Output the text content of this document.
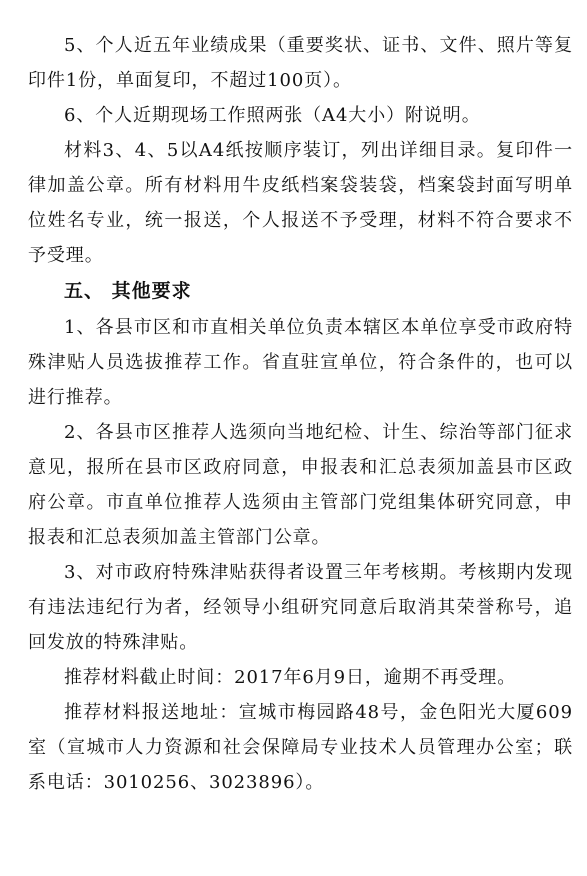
5、个人近五年业绩成果（重要奖状、证书、文件、照片等复印件1份，单面复印，不超过100页）。

6、个人近期现场工作照两张（A4大小）附说明。

材料3、4、5以A4纸按顺序装订，列出详细目录。复印件一律加盖公章。所有材料用牛皮纸档案袋装袋，档案袋封面写明单位姓名专业，统一报送，个人报送不予受理，材料不符合要求不予受理。

五、 其他要求

1、各县市区和市直相关单位负责本辖区本单位享受市政府特殊津贴人员选拔推荐工作。省直驻宣单位，符合条件的，也可以进行推荐。

2、各县市区推荐人选须向当地纪检、计生、综治等部门征求意见，报所在县市区政府同意，申报表和汇总表须加盖县市区政府公章。市直单位推荐人选须由主管部门党组集体研究同意，申报表和汇总表须加盖主管部门公章。

3、对市政府特殊津贴获得者设置三年考核期。考核期内发现有违法违纪行为者，经领导小组研究同意后取消其荣誉称号，追回发放的特殊津贴。

推荐材料截止时间：2017年6月9日，逾期不再受理。

推荐材料报送地址：宣城市梅园路48号，金色阳光大厦609室（宣城市人力资源和社会保障局专业技术人员管理办公室；联系电话：3010256、3023896）。
